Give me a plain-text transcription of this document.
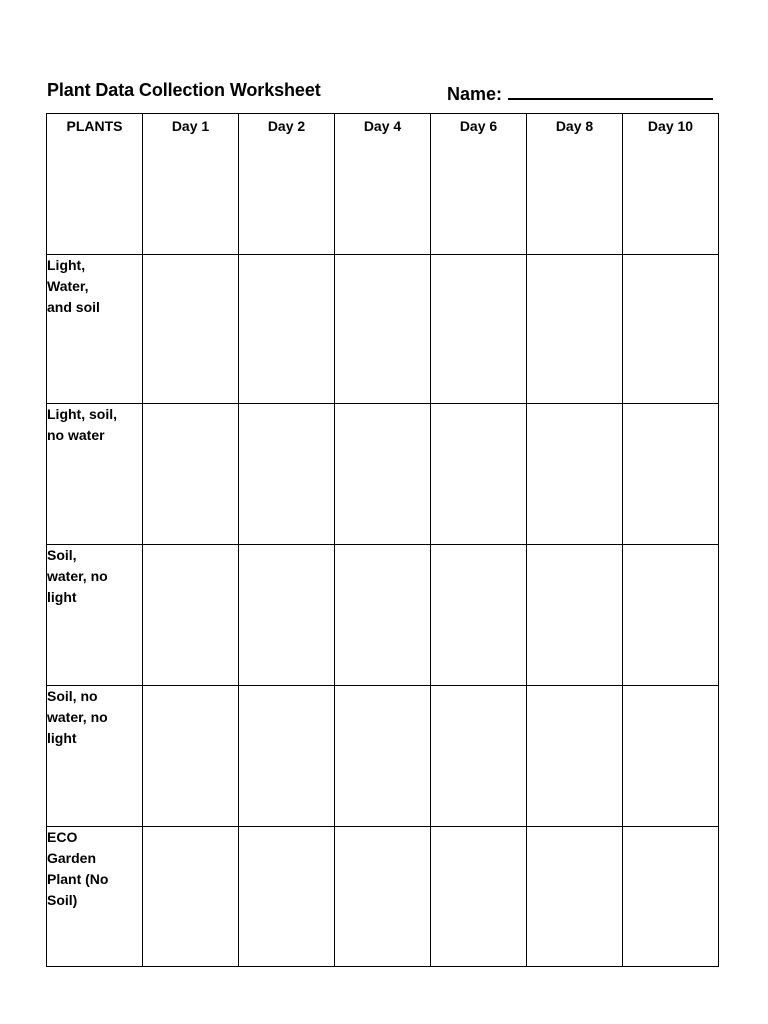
Plant Data Collection Worksheet	Name:
PLANTS	Day 1	Day 2	Day 4	Day 6	Day 8	Day 10

Light,
Water,
and soil						

Light, soil,
no water						

Soil,
water, no
light						

Soil, no
water, no
light						

ECO
Garden
Plant (No
Soil)						
